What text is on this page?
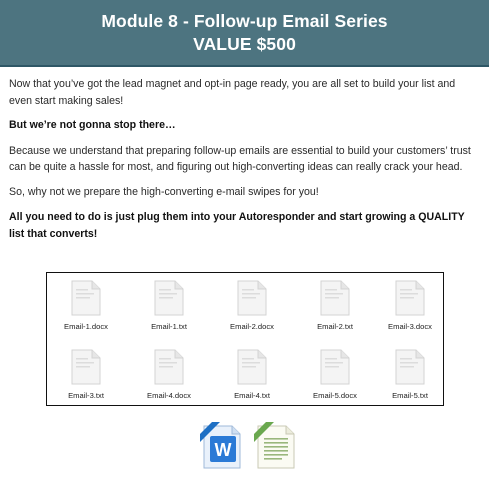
Module 8 - Follow-up Email Series
VALUE $500

Now that you’ve got the lead magnet and opt-in page ready, you are all set to build your list and even start making sales!

But we’re not gonna stop there…

Because we understand that preparing follow-up emails are essential to build your customers’ trust can be quite a hassle for most, and figuring out high-converting ideas can really crack your head.

So, why not we prepare the high-converting e-mail swipes for you!

All you need to do is just plug them into your Autoresponder and start growing a QUALITY list that converts!

Email-1.docx	Email-1.txt	Email-2.docx	Email-2.txt	Email-3.docx
Email-3.txt	Email-4.docx	Email-4.txt	Email-5.docx	Email-5.txt
W
